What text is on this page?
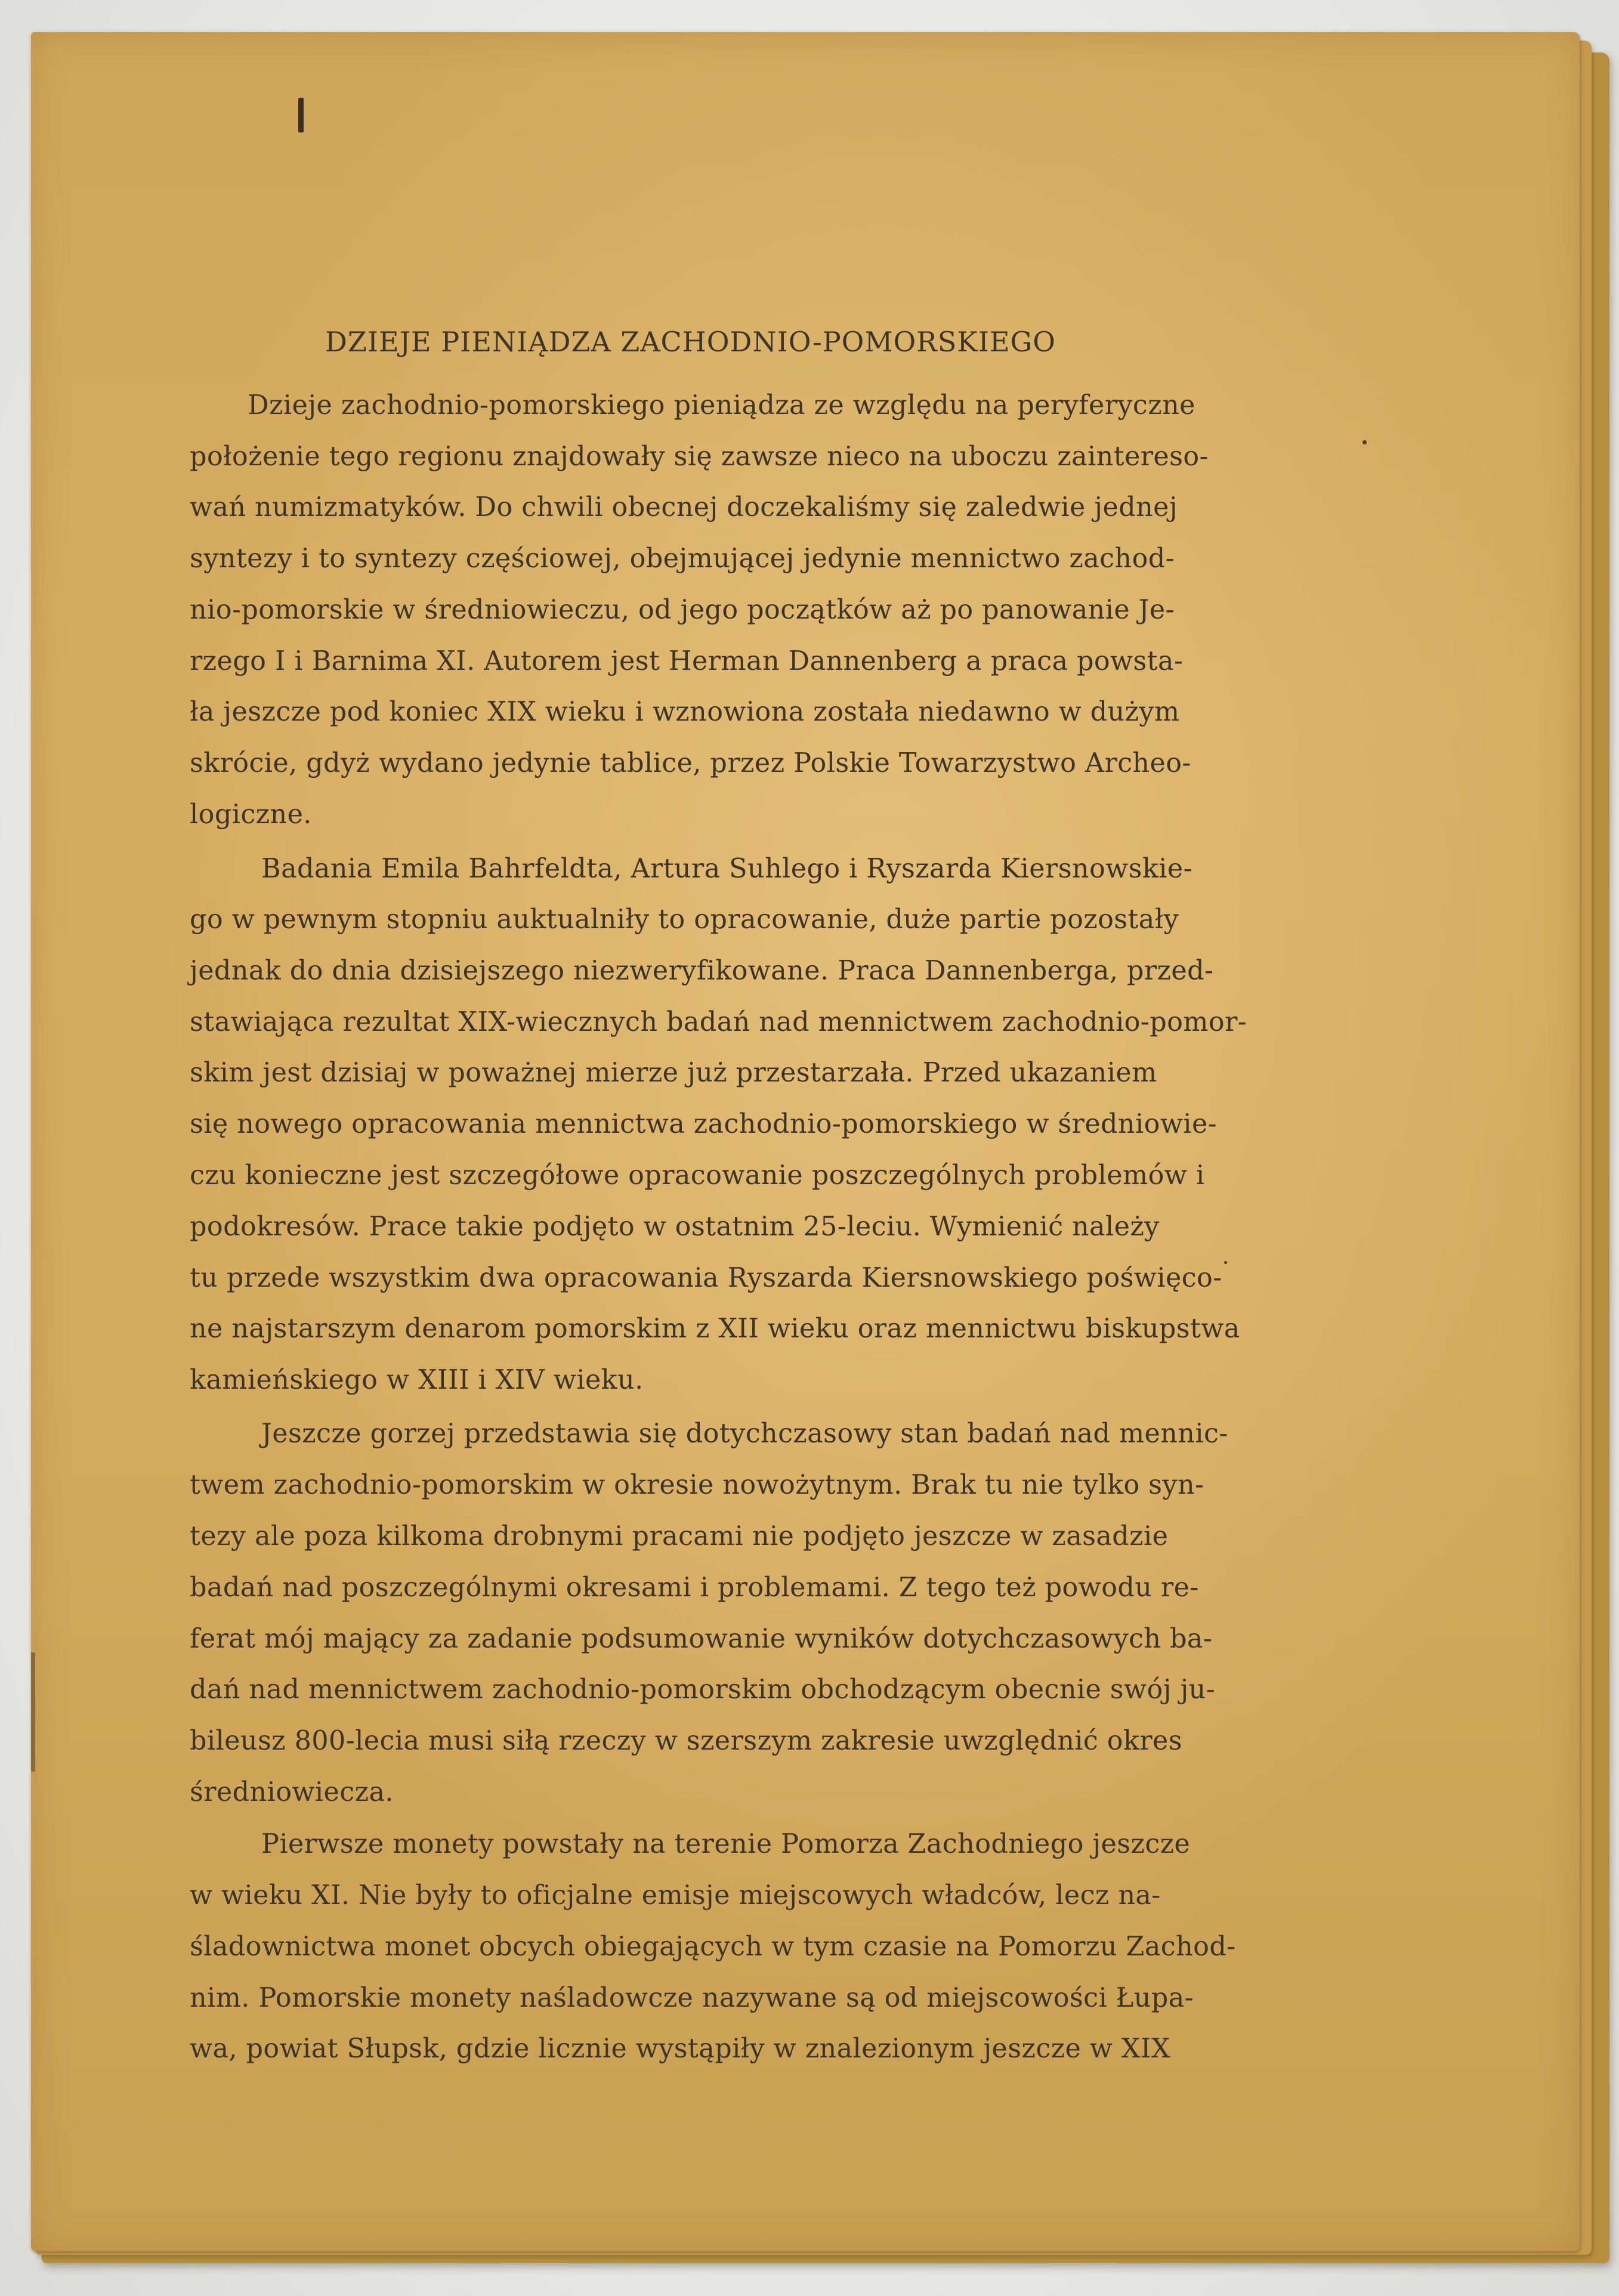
DZIEJE PIENIĄDZA ZACHODNIO-POMORSKIEGO
Dzieje zachodnio-pomorskiego pieniądza ze względu na peryferyczne
położenie tego regionu znajdowały się zawsze nieco na uboczu zaintereso-
wań numizmatyków. Do chwili obecnej doczekaliśmy się zaledwie jednej
syntezy i to syntezy częściowej, obejmującej jedynie mennictwo zachod-
nio-pomorskie w średniowieczu, od jego początków aż po panowanie Je-
rzego I i Barnima XI. Autorem jest Herman Dannenberg a praca powsta-
ła jeszcze pod koniec XIX wieku i wznowiona została niedawno w dużym
skrócie, gdyż wydano jedynie tablice, przez Polskie Towarzystwo Archeo-
logiczne.
Badania Emila Bahrfeldta, Artura Suhlego i Ryszarda Kiersnowskie-
go w pewnym stopniu auktualniły to opracowanie, duże partie pozostały
jednak do dnia dzisiejszego niezweryfikowane. Praca Dannenberga, przed-
stawiająca rezultat XIX-wiecznych badań nad mennictwem zachodnio-pomor-
skim jest dzisiaj w poważnej mierze już przestarzała. Przed ukazaniem
się nowego opracowania mennictwa zachodnio-pomorskiego w średniowie-
czu konieczne jest szczegółowe opracowanie poszczególnych problemów i
podokresów. Prace takie podjęto w ostatnim 25-leciu. Wymienić należy
tu przede wszystkim dwa opracowania Ryszarda Kiersnowskiego poświęco-
ne najstarszym denarom pomorskim z XII wieku oraz mennictwu biskupstwa
kamieńskiego w XIII i XIV wieku.
Jeszcze gorzej przedstawia się dotychczasowy stan badań nad mennic-
twem zachodnio-pomorskim w okresie nowożytnym. Brak tu nie tylko syn-
tezy ale poza kilkoma drobnymi pracami nie podjęto jeszcze w zasadzie
badań nad poszczególnymi okresami i problemami. Z tego też powodu re-
ferat mój mający za zadanie podsumowanie wyników dotychczasowych ba-
dań nad mennictwem zachodnio-pomorskim obchodzącym obecnie swój ju-
bileusz 800-lecia musi siłą rzeczy w szerszym zakresie uwzględnić okres
średniowiecza.
Pierwsze monety powstały na terenie Pomorza Zachodniego jeszcze
w wieku XI. Nie były to oficjalne emisje miejscowych władców, lecz na-
śladownictwa monet obcych obiegających w tym czasie na Pomorzu Zachod-
nim. Pomorskie monety naśladowcze nazywane są od miejscowości Łupa-
wa, powiat Słupsk, gdzie licznie wystąpiły w znalezionym jeszcze w XIX
